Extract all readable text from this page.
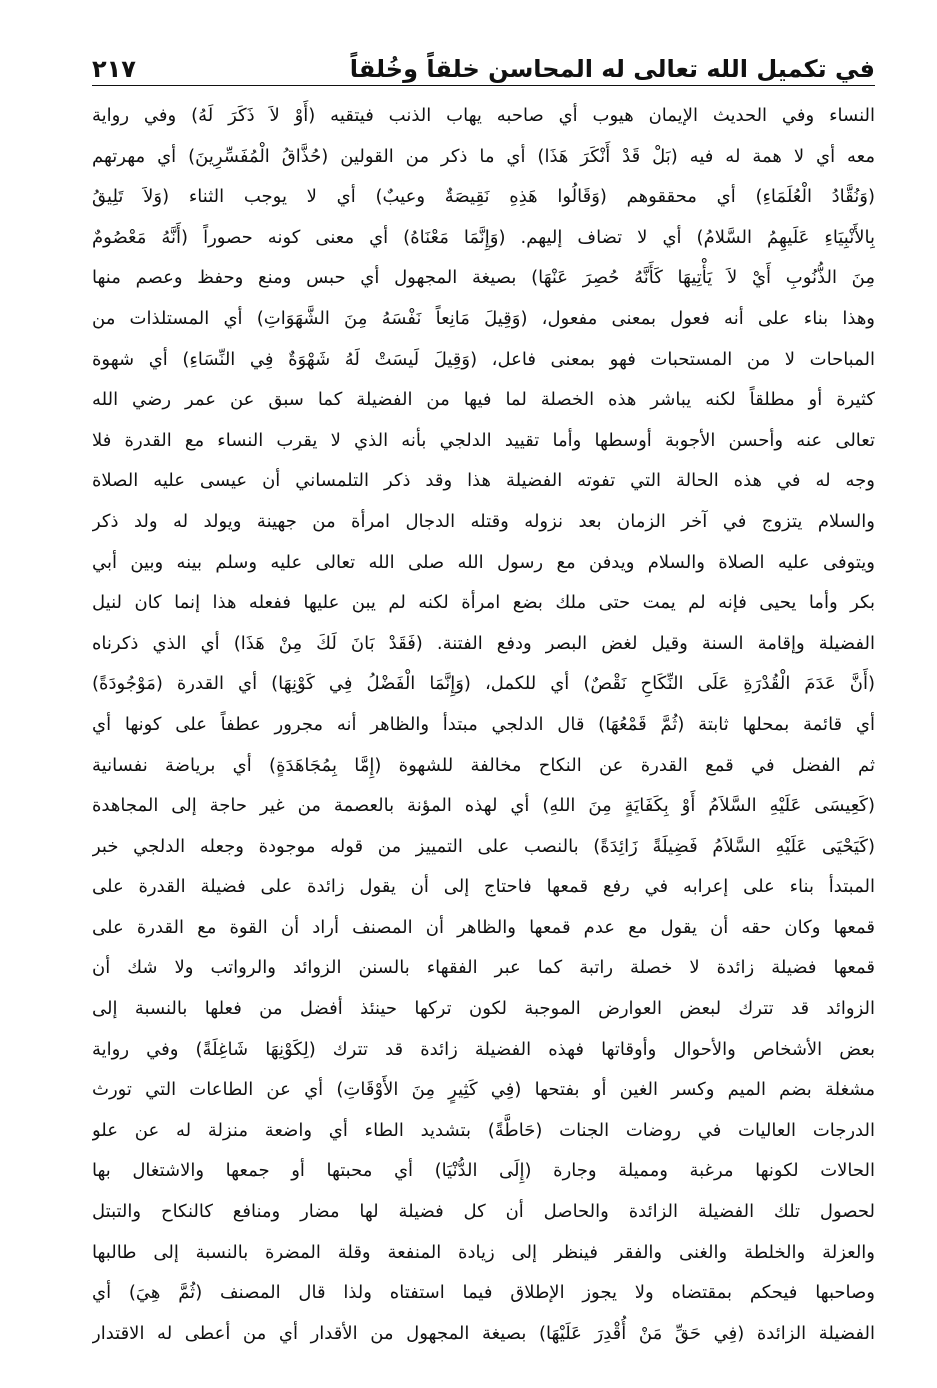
في تكميل الله تعالى له المحاسن خلقاً وخُلقاً
٢١٧
النساء وفي الحديث الإيمان هيوب أي صاحبه يهاب الذنب فيتقيه (أَوْ لاَ ذَكَرَ لَهُ) وفي رواية
معه أي لا همة له فيه (بَلْ قَدْ أَنْكَرَ هَذَا) أي ما ذكر من القولين (حُذَّاقُ الْمُفَسِّرِينَ) أي مهرتهم
(وَنُقَّادُ الْعُلَمَاءِ) أي محققوهم (وَقَالُوا هَذِهِ نَقِيصَةٌ وعيبٌ) أي لا يوجب الثناء (وَلاَ تَلِيقُ
بِالأَنْبِيَاءِ عَلَيهِمُ السَّلامُ) أي لا تضاف إليهم. (وَإِنَّمَا مَعْنَاهُ) أي معنى كونه حصوراً (أَنَّهُ مَعْصُومٌ
مِنَ الذُّنُوبِ أَيْ لاَ يَأْتِيهَا كَأَنَّهُ حُصِرَ عَنْهَا) بصيغة المجهول أي حبس ومنع وحفظ وعصم منها
وهذا بناء على أنه فعول بمعنى مفعول، (وَقِيلَ مَانِعاً نَفْسَهُ مِنَ الشَّهَوَاتِ) أي المستلذات من
المباحات لا من المستحبات فهو بمعنى فاعل، (وَقِيلَ لَيسَتْ لَهُ شَهْوَةٌ فِي النِّسَاءِ) أي شهوة
كثيرة أو مطلقاً لكنه يباشر هذه الخصلة لما فيها من الفضيلة كما سبق عن عمر رضي الله
تعالى عنه وأحسن الأجوبة أوسطها وأما تقييد الدلجي بأنه الذي لا يقرب النساء مع القدرة فلا
وجه له في هذه الحالة التي تفوته الفضيلة هذا وقد ذكر التلمساني أن عيسى عليه الصلاة
والسلام يتزوج في آخر الزمان بعد نزوله وقتله الدجال امرأة من جهينة ويولد له ولد ذكر
ويتوفى عليه الصلاة والسلام ويدفن مع رسول الله صلى الله تعالى عليه وسلم بينه وبين أبي
بكر وأما يحيى فإنه لم يمت حتى ملك بضع امرأة لكنه لم يبن عليها ففعله هذا إنما كان لنيل
الفضيلة وإقامة السنة وقيل لغض البصر ودفع الفتنة. (فَقَدْ بَانَ لَكَ مِنْ هَذَا) أي الذي ذكرناه
(أَنَّ عَدَمَ الْقُدْرَةِ عَلَى النِّكَاحِ نَقْصٌ) أي للكمل، (وَإِنَّمَا الْفَضْلُ فِي كَوْنِهَا) أي القدرة (مَوْجُودَةً)
أي قائمة بمحلها ثابتة (ثُمَّ قَمْعُهَا) قال الدلجي مبتدأ والظاهر أنه مجرور عطفاً على كونها أي
ثم الفضل في قمع القدرة عن النكاح مخالفة للشهوة (إِمَّا بِمُجَاهَدَةٍ) أي برياضة نفسانية
(كَعِيسَى عَلَيْهِ السَّلاَمُ أَوْ بِكَفَايَةٍ مِنَ اللهِ) أي لهذه المؤنة بالعصمة من غير حاجة إلى المجاهدة
(كَيَحْيَى عَلَيْهِ السَّلاَمُ فَضِيلَةً زَائِدَةً) بالنصب على التمييز من قوله موجودة وجعله الدلجي خبر
المبتدأ بناء على إعرابه في رفع قمعها فاحتاج إلى أن يقول زائدة على فضيلة القدرة على
قمعها وكان حقه أن يقول مع عدم قمعها والظاهر أن المصنف أراد أن القوة مع القدرة على
قمعها فضيلة زائدة لا خصلة راتبة كما عبر الفقهاء بالسنن الزوائد والرواتب ولا شك أن
الزوائد قد تترك لبعض العوارض الموجبة لكون تركها حينئذ أفضل من فعلها بالنسبة إلى
بعض الأشخاص والأحوال وأوقاتها فهذه الفضيلة زائدة قد تترك (لِكَوْنِهَا شَاغِلَةً) وفي رواية
مشغلة بضم الميم وكسر الغين أو بفتحها (فِي كَثِيرٍ مِنَ الأَوْقَاتِ) أي عن الطاعات التي تورث
الدرجات العاليات في روضات الجنات (حَاطَّةً) بتشديد الطاء أي واضعة منزلة له عن علو
الحالات لكونها مرغبة ومميلة وجارة (إِلَى الدُّنْيَا) أي محبتها أو جمعها والاشتغال بها
لحصول تلك الفضيلة الزائدة والحاصل أن كل فضيلة لها مضار ومنافع كالنكاح والتبتل
والعزلة والخلطة والغنى والفقر فينظر إلى زيادة المنفعة وقلة المضرة بالنسبة إلى طالبها
وصاحبها فيحكم بمقتضاه ولا يجوز الإطلاق فيما استفتاه ولذا قال المصنف (ثُمَّ هِيَ) أي
الفضيلة الزائدة (فِي حَقِّ مَنْ أُقْدِرَ عَلَيْهَا) بصيغة المجهول من الأقدار أي من أعطى له الاقتدار
